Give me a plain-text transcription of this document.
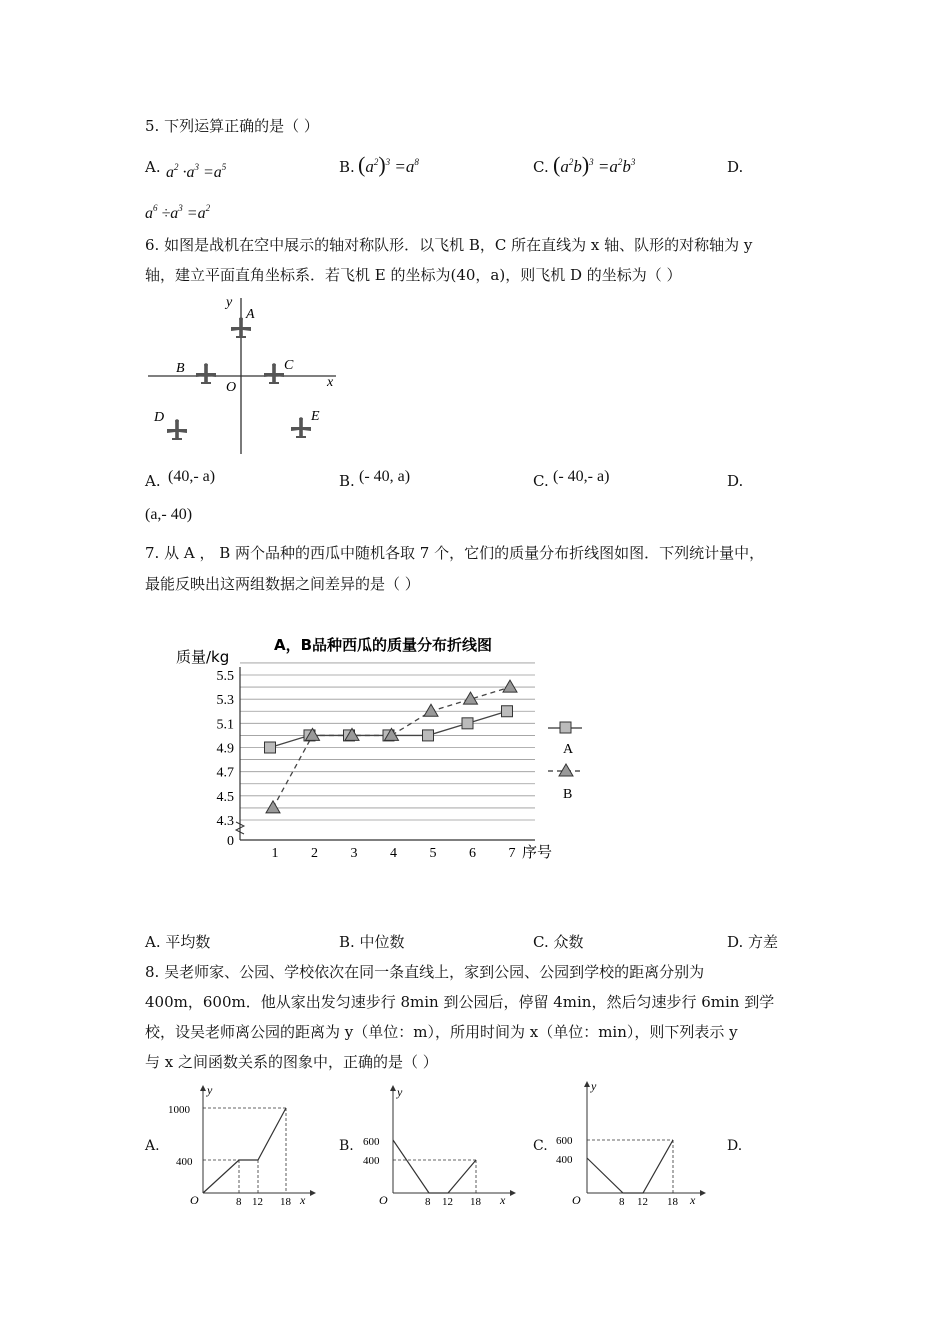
5. 下列运算正确的是（ ）
A. $a^2 \cdot a^3 =a^5$	B. $(a^2)^3 =a^8$	C. $(a^2b)^3 =a^2b^3$	D.
$a^6 \div a^3 =a^2$
6. 如图是战机在空中展示的轴对称队形．以飞机 B，C 所在直线为 x 轴、队形的对称轴为 y
轴，建立平面直角坐标系．若飞机 E 的坐标为(40，a)，则飞机 D 的坐标为（ ）
y
x
O
A
B	C
D	E
A. (40,- a)	B. (- 40, a)	C. (- 40,- a)	D.
(a,- 40)
7. 从 A ， B 两个品种的西瓜中随机各取 7 个，它们的质量分布折线图如图．下列统计量中，
最能反映出这两组数据之间差异的是（ ）
A，B品种西瓜的质量分布折线图
质量/kg
序号
5.5
5.3
5.1
4.9
4.7
4.5
4.3
0
1 2 3 4 5 6 7
A
B
A. 平均数	B. 中位数	C. 众数	D. 方差
8. 吴老师家、公园、学校依次在同一条直线上，家到公园、公园到学校的距离分别为
400m，600m．他从家出发匀速步行 8min 到公园后，停留 4min，然后匀速步行 6min 到学
校，设吴老师离公园的距离为 y（单位：m），所用时间为 x（单位：min），则下列表示 y
与 x 之间函数关系的图象中，正确的是（ ）
A.
1000
400
8 12 18
O	x
y
B. 600
400
8 12 18
O	x
y
C. 600
400
8 12 18
O	x
y
D.
